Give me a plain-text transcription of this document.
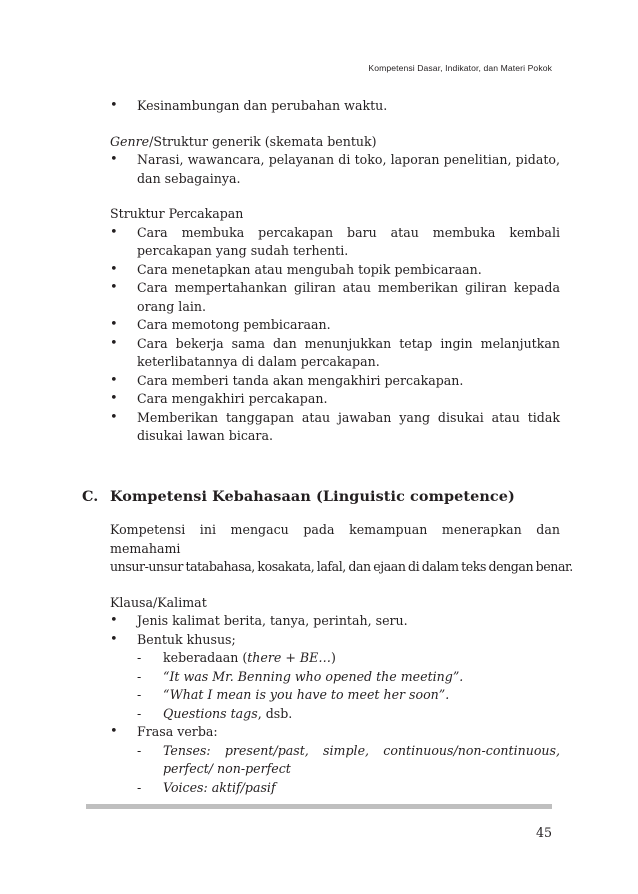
Kompetensi Dasar, Indikator, dan Materi Pokok
• Kesinambungan dan perubahan waktu.

Genre/Struktur generik (skemata bentuk)

• Narasi, wawancara, pelayanan di toko, laporan penelitian, pidato, dan sebagainya.

Struktur Percakapan

• Cara membuka percakapan baru atau membuka kembali percakapan yang sudah terhenti.
• Cara menetapkan atau mengubah topik pembicaraan.
• Cara mempertahankan giliran atau memberikan giliran kepada orang lain.
• Cara memotong pembicaraan.
• Cara bekerja sama dan menunjukkan tetap ingin melanjutkan keterlibatannya di dalam percakapan.
• Cara memberi tanda akan mengakhiri percakapan.
• Cara mengakhiri percakapan.
• Memberikan tanggapan atau jawaban yang disukai atau tidak disukai lawan bicara.
C. Kompetensi Kebahasaan (Linguistic competence)

Kompetensi ini mengacu pada kemampuan menerapkan dan memahami

unsur-unsur tatabahasa, kosakata, lafal, dan ejaan di dalam teks dengan benar.

Klausa/Kalimat

• Jenis kalimat berita, tanya, perintah, seru.
• Bentuk khusus;
- keberadaan (there + BE…)
- “It was Mr. Benning who opened the meeting”.
- “What I mean is you have to meet her soon”.
- Questions tags, dsb.
• Frasa verba:
- Tenses: present/past, simple, continuous/non-continuous, perfect/ non-perfect
- Voices: aktif/pasif
45
